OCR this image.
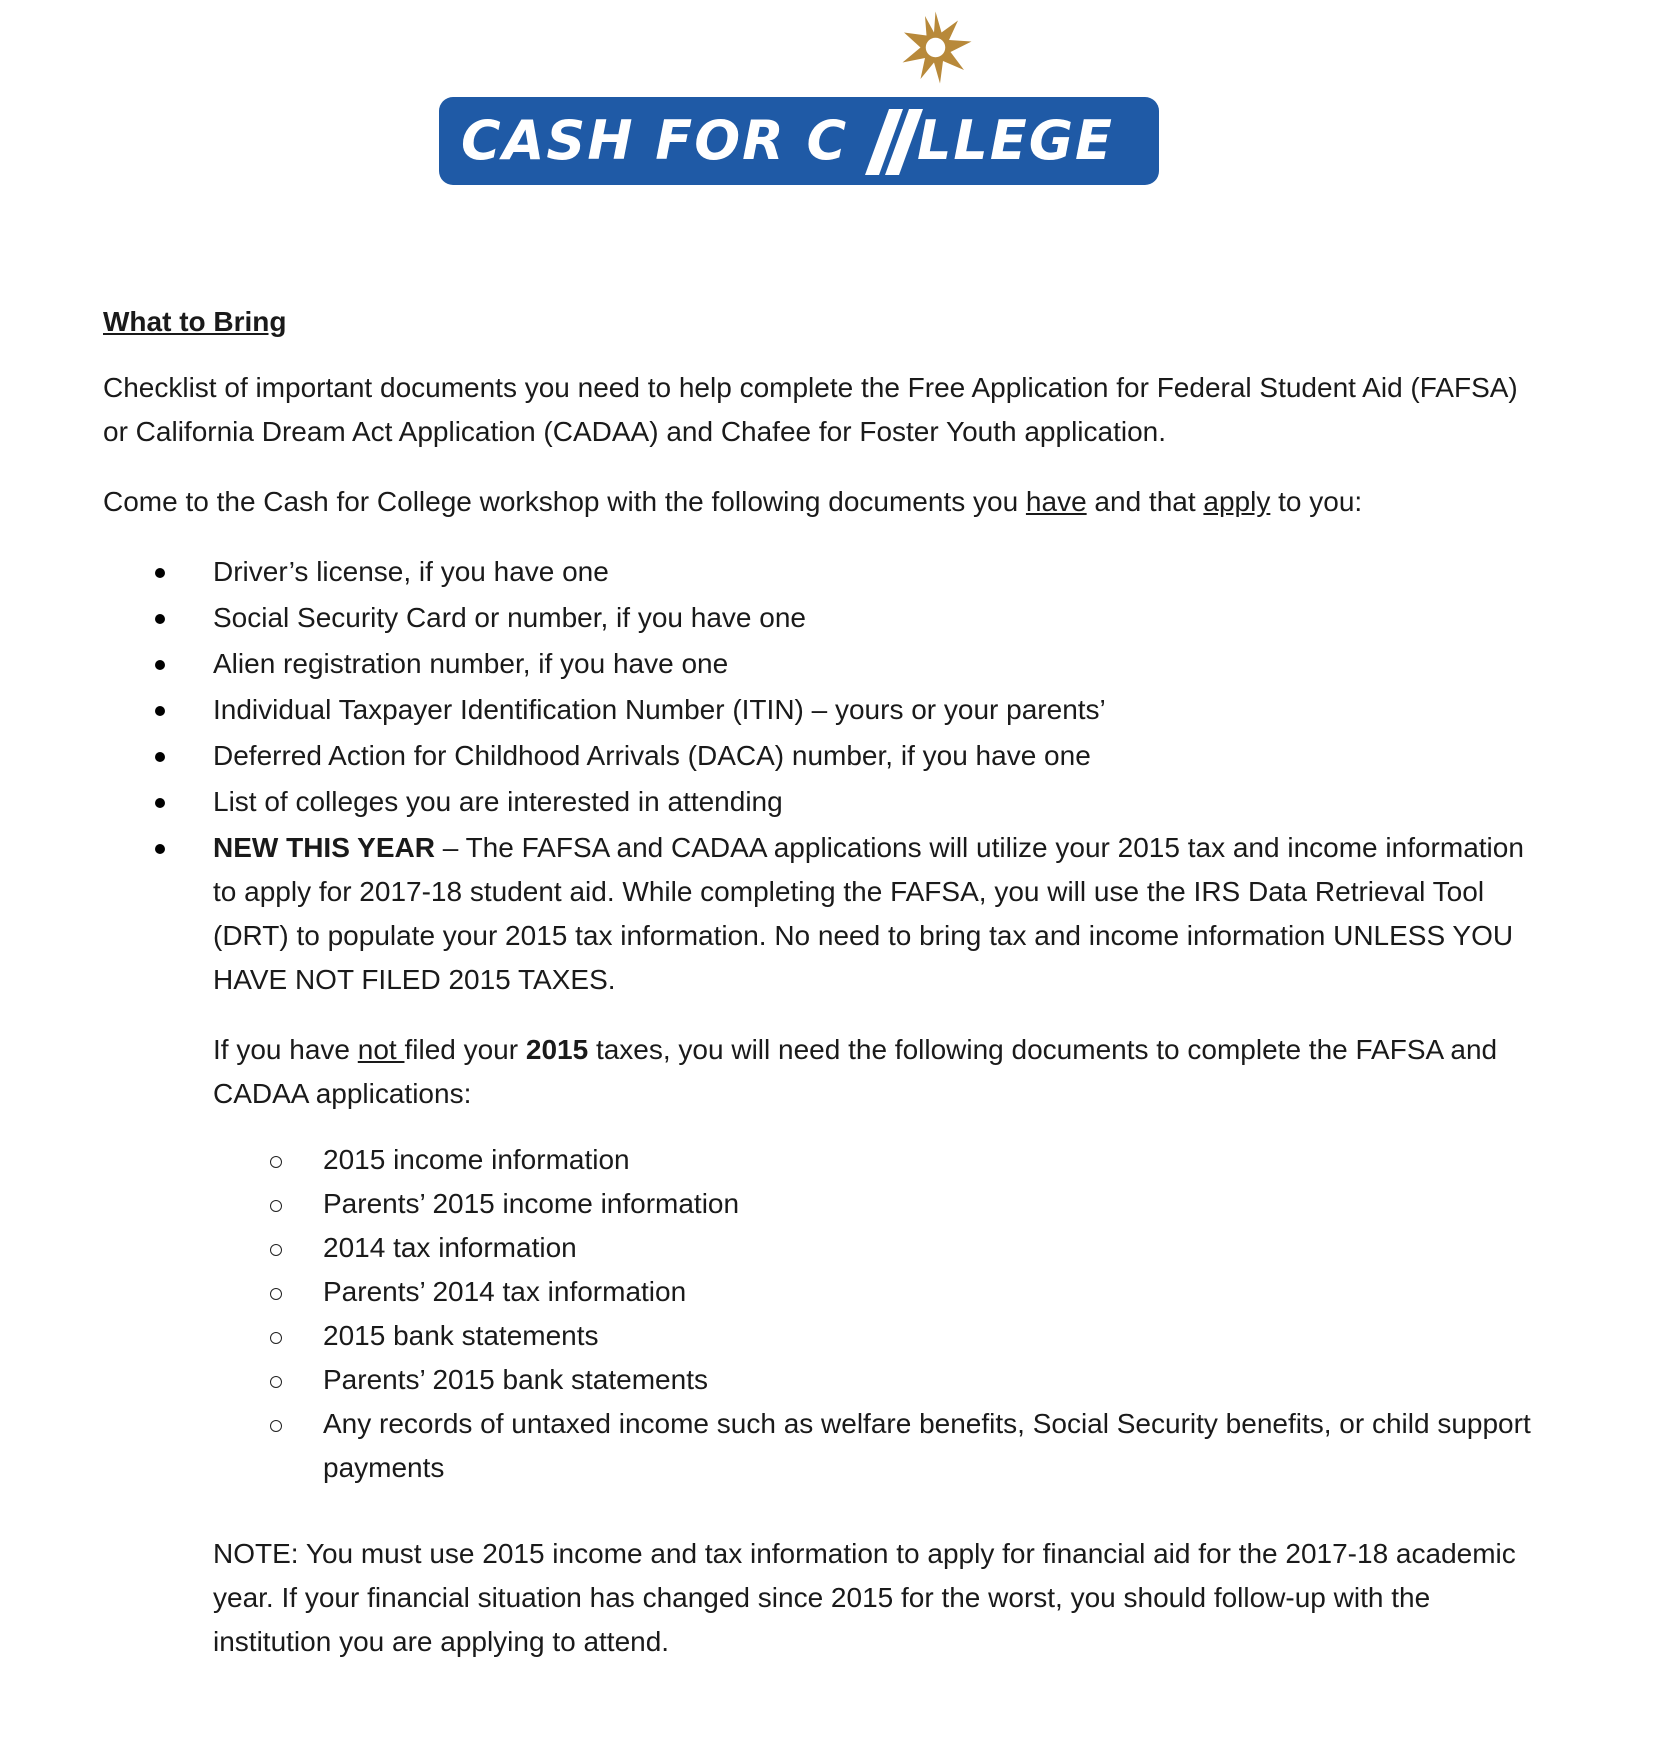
CASH FOR C LLEGE
What to Bring
Checklist of important documents you need to help complete the Free Application for Federal Student Aid (FAFSA) or California Dream Act Application (CADAA) and Chafee for Foster Youth application.
Come to the Cash for College workshop with the following documents you have and that apply to you:
Driver’s license, if you have one
Social Security Card or number, if you have one
Alien registration number, if you have one
Individual Taxpayer Identification Number (ITIN) – yours or your parents’
Deferred Action for Childhood Arrivals (DACA) number, if you have one
List of colleges you are interested in attending
NEW THIS YEAR – The FAFSA and CADAA applications will utilize your 2015 tax and income information to apply for 2017-18 student aid. While completing the FAFSA, you will use the IRS Data Retrieval Tool (DRT) to populate your 2015 tax information. No need to bring tax and income information UNLESS YOU HAVE NOT FILED 2015 TAXES.
If you have not filed your 2015 taxes, you will need the following documents to complete the FAFSA and CADAA applications:
2015 income information
Parents’ 2015 income information
2014 tax information
Parents’ 2014 tax information
2015 bank statements
Parents’ 2015 bank statements
Any records of untaxed income such as welfare benefits, Social Security benefits, or child support payments
NOTE: You must use 2015 income and tax information to apply for financial aid for the 2017-18 academic year. If your financial situation has changed since 2015 for the worst, you should follow-up with the institution you are applying to attend.
